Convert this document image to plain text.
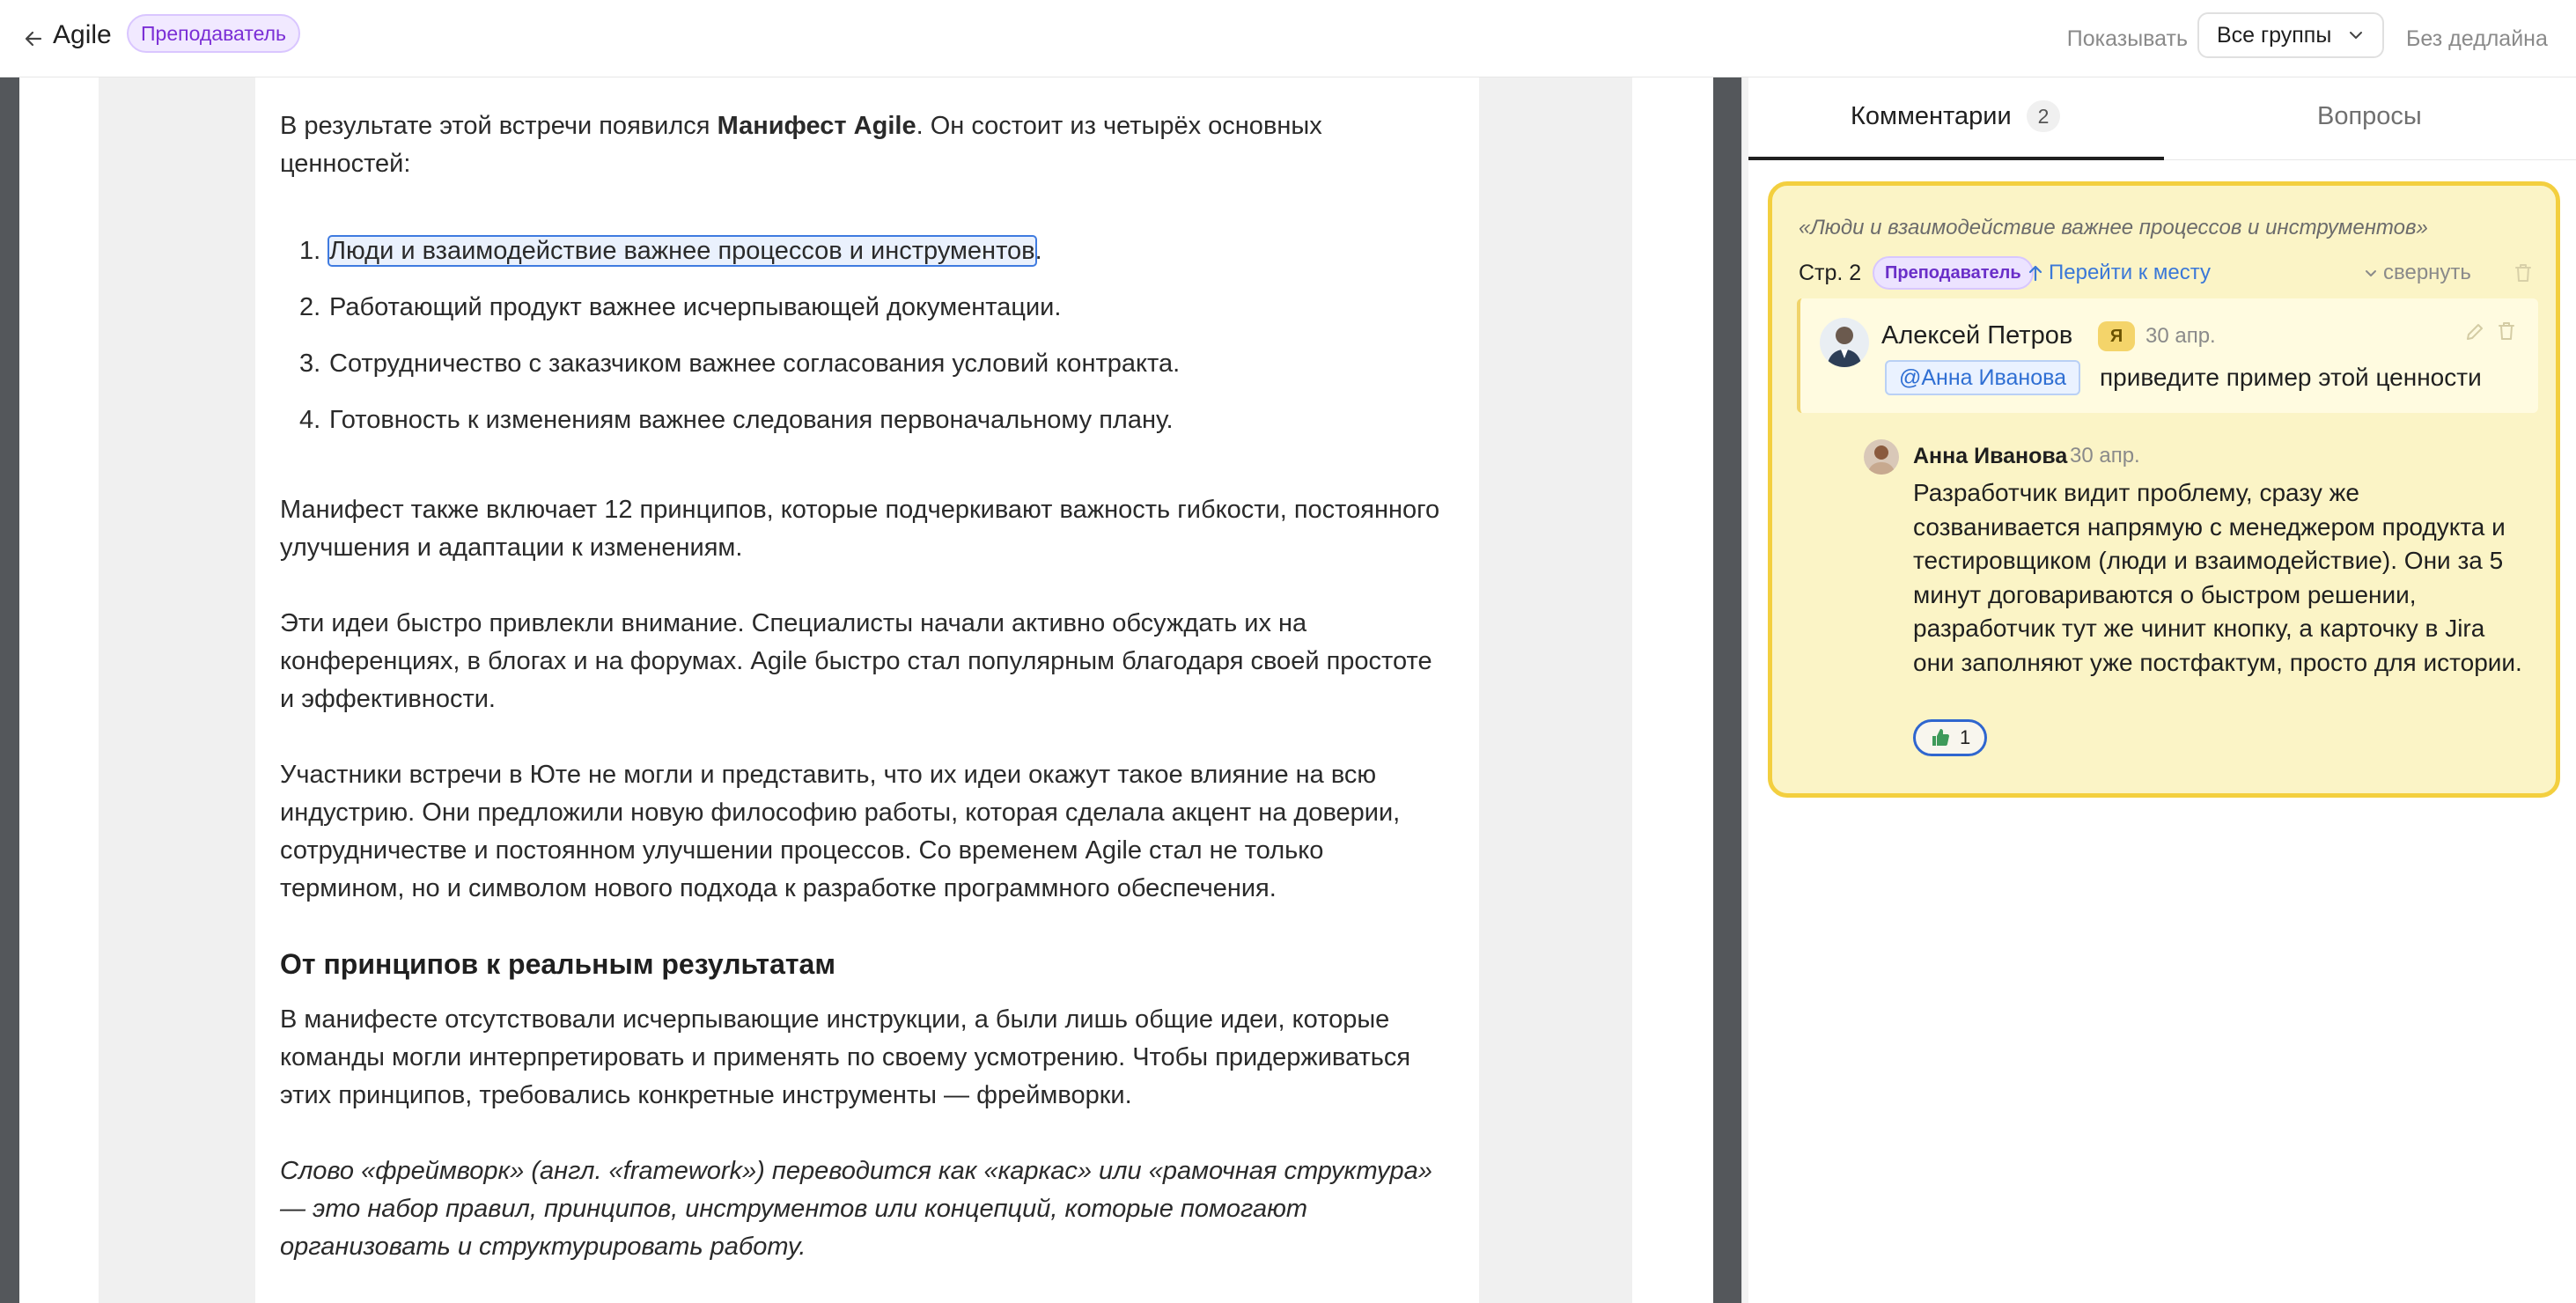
Agile	Преподаватель	Показывать Все группы	Без дедлайна

В результате этой встречи появился Манифест Agile. Он состоит из четырёх основных ценностей:

1. Люди и взаимодействие важнее процессов и инструментов.
2. Работающий продукт важнее исчерпывающей документации.
3. Сотрудничество с заказчиком важнее согласования условий контракта.
4. Готовность к изменениям важнее следования первоначальному плану.

Манифест также включает 12 принципов, которые подчеркивают важность гибкости, постоянного улучшения и адаптации к изменениям.

Эти идеи быстро привлекли внимание. Специалисты начали активно обсуждать их на конференциях, в блогах и на форумах. Agile быстро стал популярным благодаря своей простоте и эффективности.

Участники встречи в Юте не могли и представить, что их идеи окажут такое влияние на всю индустрию. Они предложили новую философию работы, которая сделала акцент на доверии, сотрудничестве и постоянном улучшении процессов. Со временем Agile стал не только термином, но и символом нового подхода к разработке программного обеспечения.

От принципов к реальным результатам

В манифесте отсутствовали исчерпывающие инструкции, а были лишь общие идеи, которые команды могли интерпретировать и применять по своему усмотрению. Чтобы придерживаться этих принципов, требовались конкретные инструменты — фреймворки.

Слово «фреймворк» (англ. «framework») переводится как «каркас» или «рамочная структура» — это набор правил, принципов, инструментов или концепций, которые помогают организовать и структурировать работу.

Комментарии	2	Вопросы
«Люди и взаимодействие важнее процессов и инструментов»
Стр. 2	Преподаватель	Перейти к месту	свернуть
Алексей Петров	Я	30 апр.
@Анна Иванова	приведите пример этой ценности
Анна Иванова 30 апр.
Разработчик видит проблему, сразу же созванивается напрямую с менеджером продукта и тестировщиком (люди и взаимодействие). Они за 5 минут договариваются о быстром решении, разработчик тут же чинит кнопку, а карточку в Jira они заполняют уже постфактум, просто для истории.
1
